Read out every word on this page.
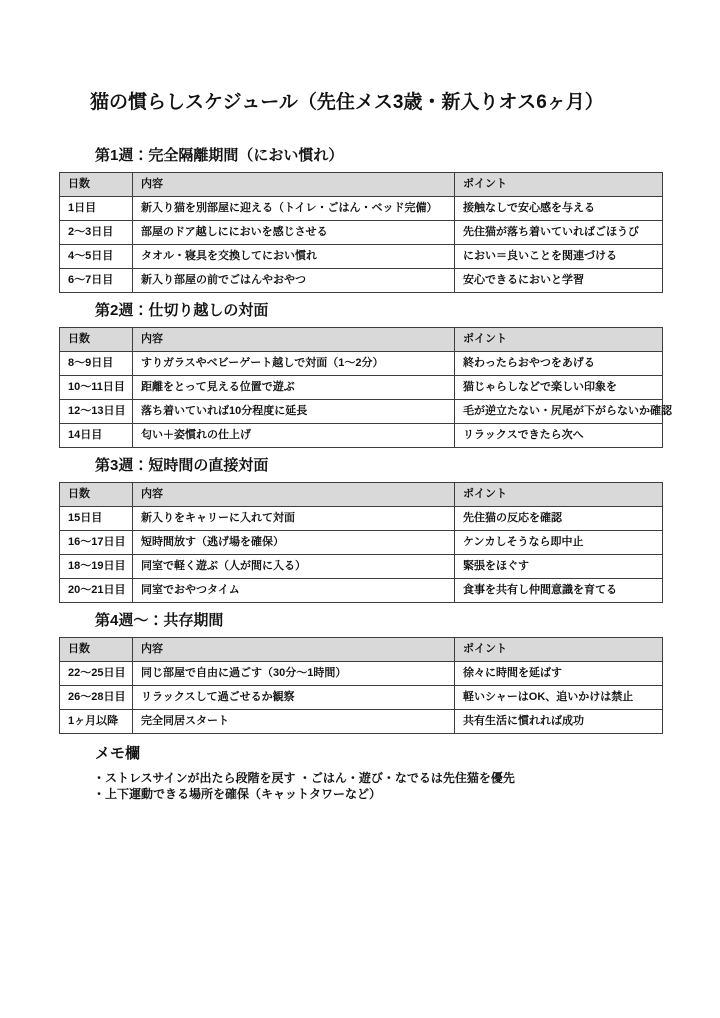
猫の慣らしスケジュール（先住メス3歳・新入りオス6ヶ月）
第1週：完全隔離期間（におい慣れ）
日数	内容	ポイント
1日目	新入り猫を別部屋に迎える（トイレ・ごはん・ベッド完備）	接触なしで安心感を与える
2〜3日目	部屋のドア越しににおいを感じさせる	先住猫が落ち着いていればごほうび
4〜5日目	タオル・寝具を交換してにおい慣れ	におい＝良いことを関連づける
6〜7日目	新入り部屋の前でごはんやおやつ	安心できるにおいと学習
第2週：仕切り越しの対面
日数	内容	ポイント
8〜9日目	すりガラスやベビーゲート越しで対面（1〜2分）	終わったらおやつをあげる
10〜11日目	距離をとって見える位置で遊ぶ	猫じゃらしなどで楽しい印象を
12〜13日目	落ち着いていれば10分程度に延長	毛が逆立たない・尻尾が下がらないか確認
14日目	匂い＋姿慣れの仕上げ	リラックスできたら次へ
第3週：短時間の直接対面
日数	内容	ポイント
15日目	新入りをキャリーに入れて対面	先住猫の反応を確認
16〜17日目	短時間放す（逃げ場を確保）	ケンカしそうなら即中止
18〜19日目	同室で軽く遊ぶ（人が間に入る）	緊張をほぐす
20〜21日目	同室でおやつタイム	食事を共有し仲間意識を育てる
第4週〜：共存期間
日数	内容	ポイント
22〜25日目	同じ部屋で自由に過ごす（30分〜1時間）	徐々に時間を延ばす
26〜28日目	リラックスして過ごせるか観察	軽いシャーはOK、追いかけは禁止
1ヶ月以降	完全同居スタート	共有生活に慣れれば成功
メモ欄
・ストレスサインが出たら段階を戻す ・ごはん・遊び・なでるは先住猫を優先
・上下運動できる場所を確保（キャットタワーなど）
